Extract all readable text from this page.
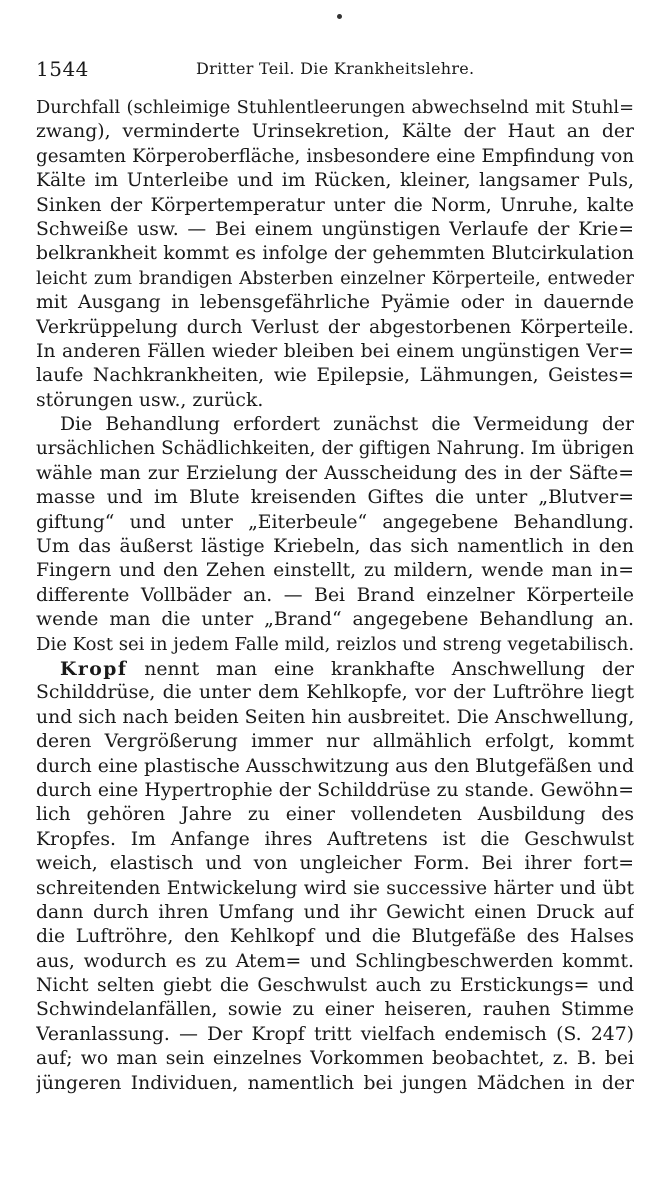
1544	Dritter Teil. Die Krankheitslehre.
Durchfall (schleimige Stuhlentleerungen abwechselnd mit Stuhl=
zwang), verminderte Urinsekretion, Kälte der Haut an der
gesamten Körperoberfläche, insbesondere eine Empfindung von
Kälte im Unterleibe und im Rücken, kleiner, langsamer Puls,
Sinken der Körpertemperatur unter die Norm, Unruhe, kalte
Schweiße usw. — Bei einem ungünstigen Verlaufe der Krie=
belkrankheit kommt es infolge der gehemmten Blutcirkulation
leicht zum brandigen Absterben einzelner Körperteile, entweder
mit Ausgang in lebensgefährliche Pyämie oder in dauernde
Verkrüppelung durch Verlust der abgestorbenen Körperteile.
In anderen Fällen wieder bleiben bei einem ungünstigen Ver=
laufe Nachkrankheiten, wie Epilepsie, Lähmungen, Geistes=
störungen usw., zurück.
Die Behandlung erfordert zunächst die Vermeidung der
ursächlichen Schädlichkeiten, der giftigen Nahrung. Im übrigen
wähle man zur Erzielung der Ausscheidung des in der Säfte=
masse und im Blute kreisenden Giftes die unter „Blutver=
giftung“ und unter „Eiterbeule“ angegebene Behandlung.
Um das äußerst lästige Kriebeln, das sich namentlich in den
Fingern und den Zehen einstellt, zu mildern, wende man in=
differente Vollbäder an. — Bei Brand einzelner Körperteile
wende man die unter „Brand“ angegebene Behandlung an.
Die Kost sei in jedem Falle mild, reizlos und streng vegetabilisch.
Kropf nennt man eine krankhafte Anschwellung der
Schilddrüse, die unter dem Kehlkopfe, vor der Luftröhre liegt
und sich nach beiden Seiten hin ausbreitet. Die Anschwellung,
deren Vergrößerung immer nur allmählich erfolgt, kommt
durch eine plastische Ausschwitzung aus den Blutgefäßen und
durch eine Hypertrophie der Schilddrüse zu stande. Gewöhn=
lich gehören Jahre zu einer vollendeten Ausbildung des
Kropfes. Im Anfange ihres Auftretens ist die Geschwulst
weich, elastisch und von ungleicher Form. Bei ihrer fort=
schreitenden Entwickelung wird sie successive härter und übt
dann durch ihren Umfang und ihr Gewicht einen Druck auf
die Luftröhre, den Kehlkopf und die Blutgefäße des Halses
aus, wodurch es zu Atem= und Schlingbeschwerden kommt.
Nicht selten giebt die Geschwulst auch zu Erstickungs= und
Schwindelanfällen, sowie zu einer heiseren, rauhen Stimme
Veranlassung. — Der Kropf tritt vielfach endemisch (S. 247)
auf; wo man sein einzelnes Vorkommen beobachtet, z. B. bei
jüngeren Individuen, namentlich bei jungen Mädchen in der
